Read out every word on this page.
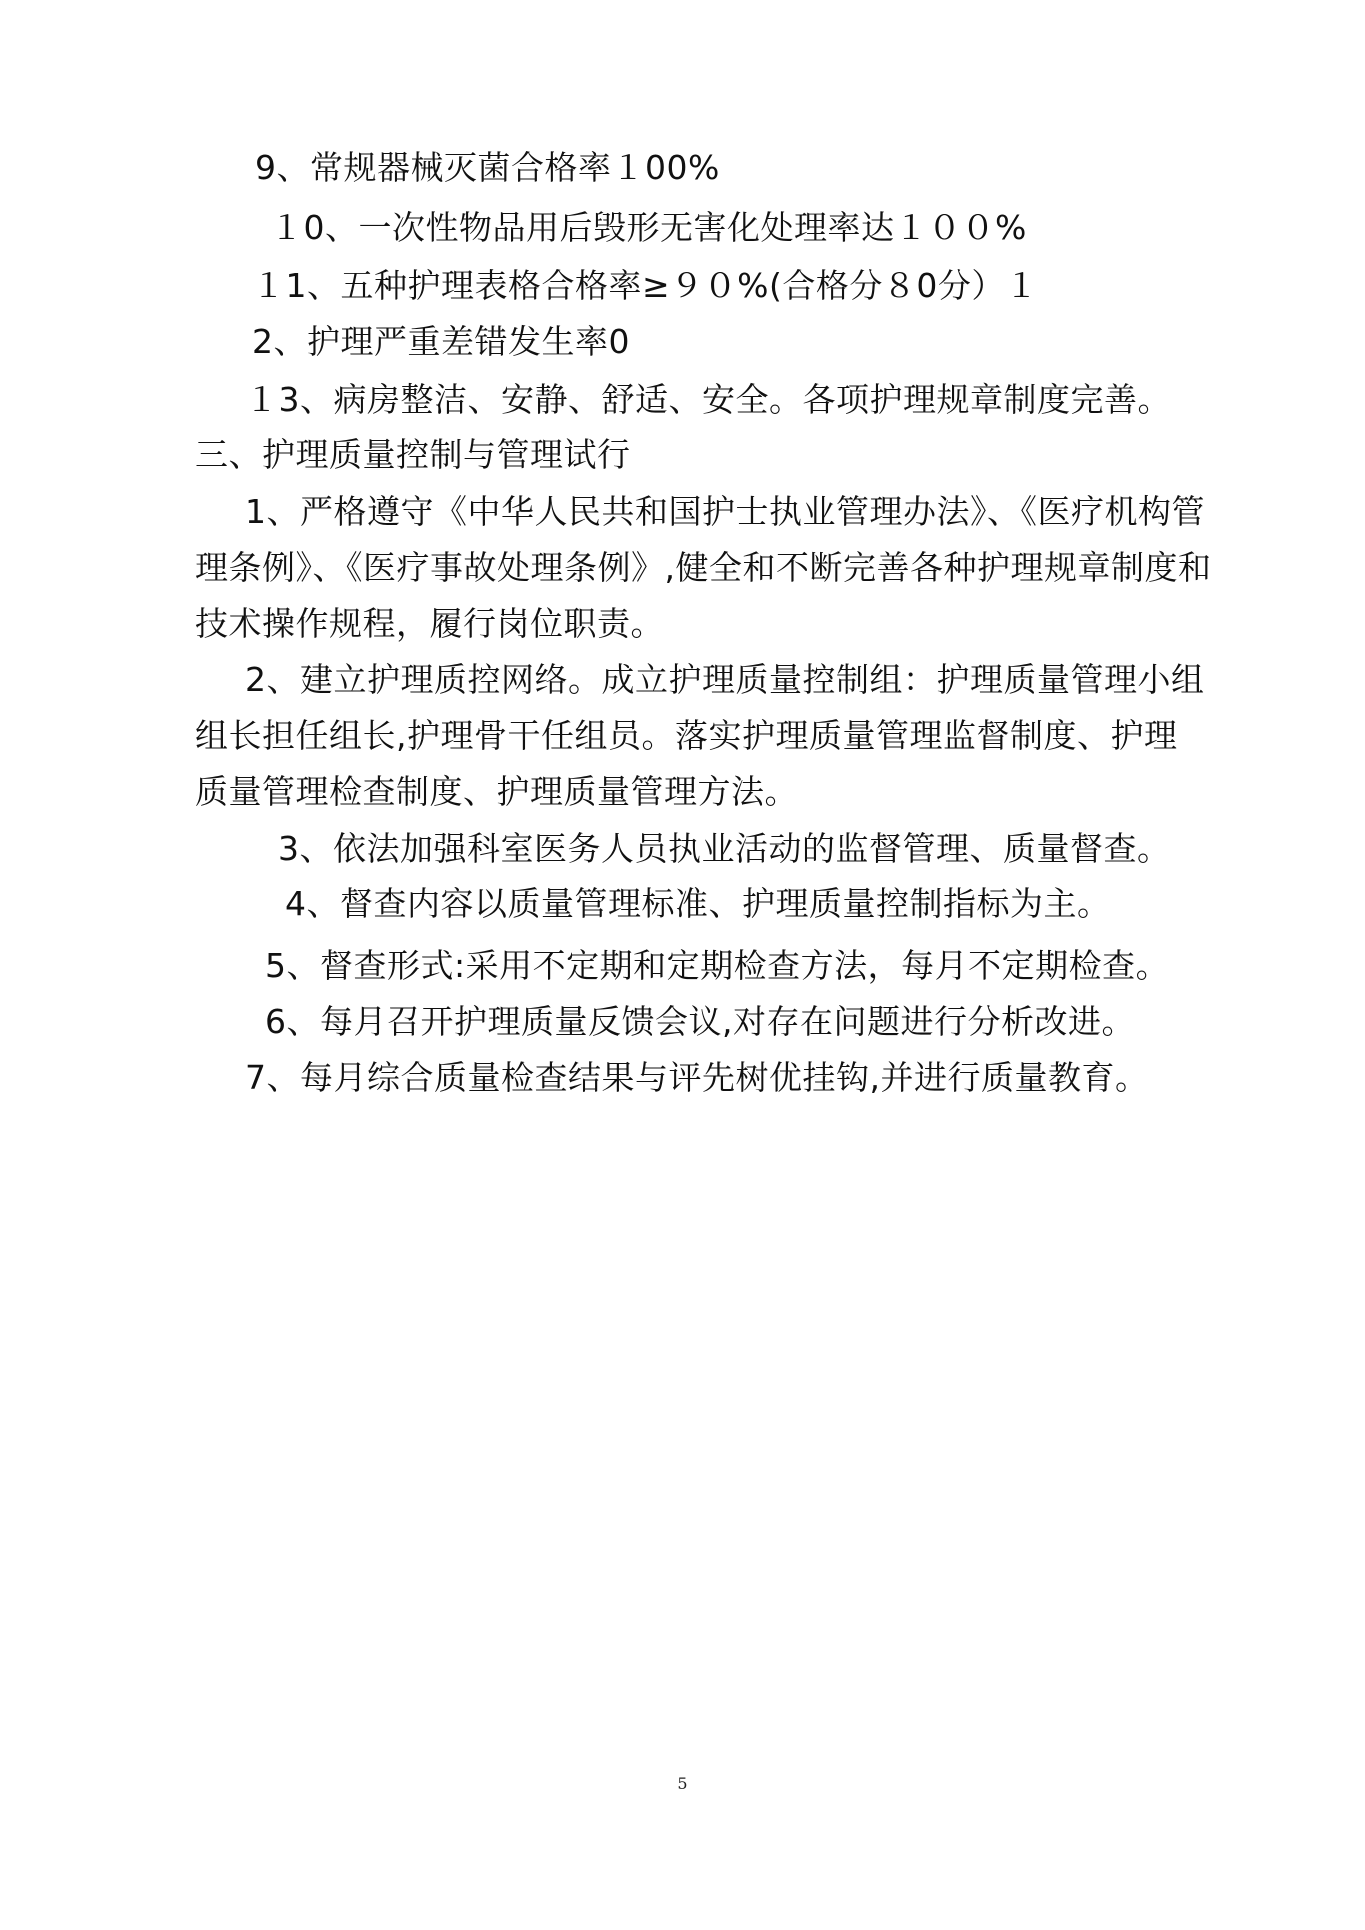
9、常规器械灭菌合格率１00%
１0、一次性物品用后毁形无害化处理率达１００%
１1、五种护理表格合格率≥９０%(合格分８0分）１
2、护理严重差错发生率0
１3、病房整洁、安静、舒适、安全。各项护理规章制度完善。
三、护理质量控制与管理试行
1、严格遵守《中华人民共和国护士执业管理办法》、《医疗机构管
理条例》、《医疗事故处理条例》,健全和不断完善各种护理规章制度和
技术操作规程，履行岗位职责。
2、建立护理质控网络。成立护理质量控制组：护理质量管理小组
组长担任组长,护理骨干任组员。落实护理质量管理监督制度、护理
质量管理检查制度、护理质量管理方法。
3、依法加强科室医务人员执业活动的监督管理、质量督查。
4、督查内容以质量管理标准、护理质量控制指标为主。
5、督查形式:采用不定期和定期检查方法，每月不定期检查。
6、每月召开护理质量反馈会议,对存在问题进行分析改进。
7、每月综合质量检查结果与评先树优挂钩,并进行质量教育。
5
